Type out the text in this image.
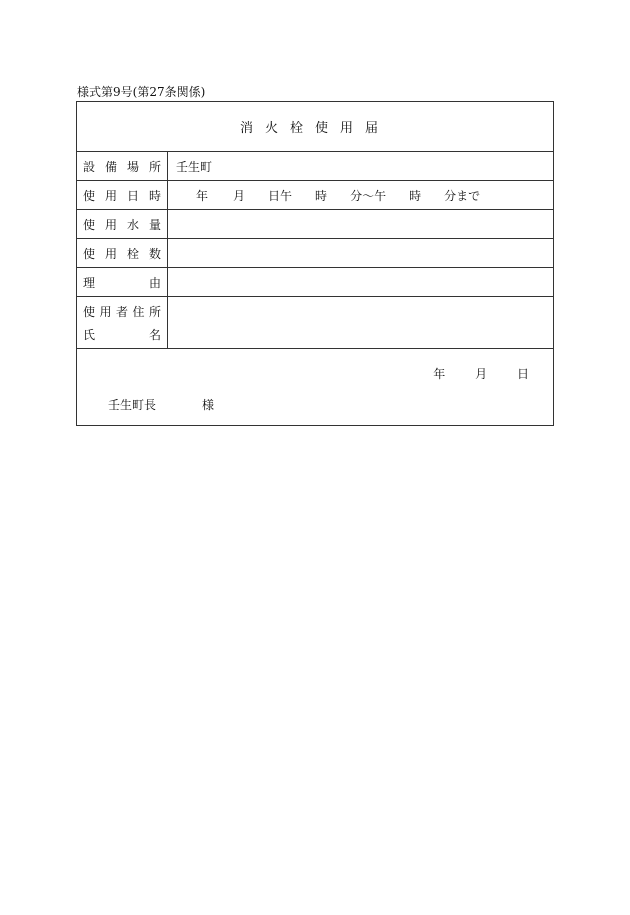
様式第9号(第27条関係)
消火栓使用届
設 備 場 所	壬生町
使 用 日 時	年 月 日午 時 分〜午 時 分まで
使 用 水 量
使 用 栓 数
理	由
使 用 者 住 所
氏	名
年 月 日
壬生町長	様
